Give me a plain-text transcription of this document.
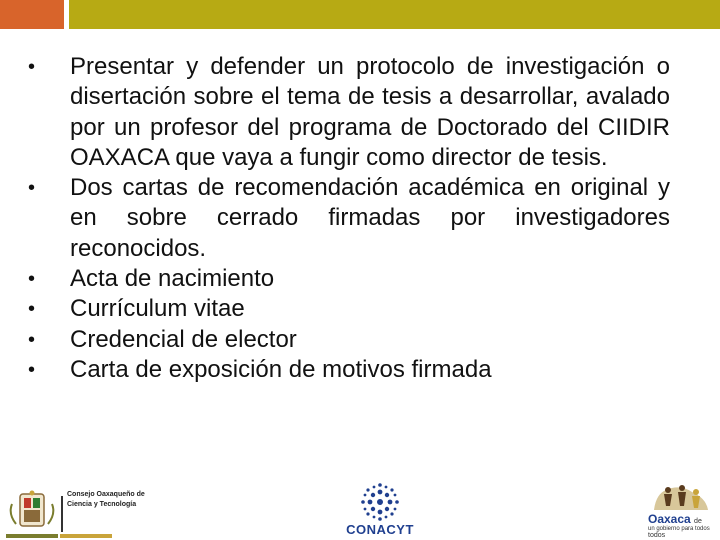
• Presentar y defender un protocolo de investigación o disertación sobre el tema de tesis a desarrollar, avalado por un profesor del programa de Doctorado del CIIDIR OAXACA que vaya a fungir como director de tesis.
• Dos cartas de recomendación académica en original y en sobre cerrado firmadas por investigadores reconocidos.
• Acta de nacimiento
• Currículum vitae
• Credencial de elector
• Carta de exposición de motivos firmada
Consejo Oaxaqueño de
Ciencia y Tecnología
CONACYT
Oaxaca de todos
un gobierno para todos
